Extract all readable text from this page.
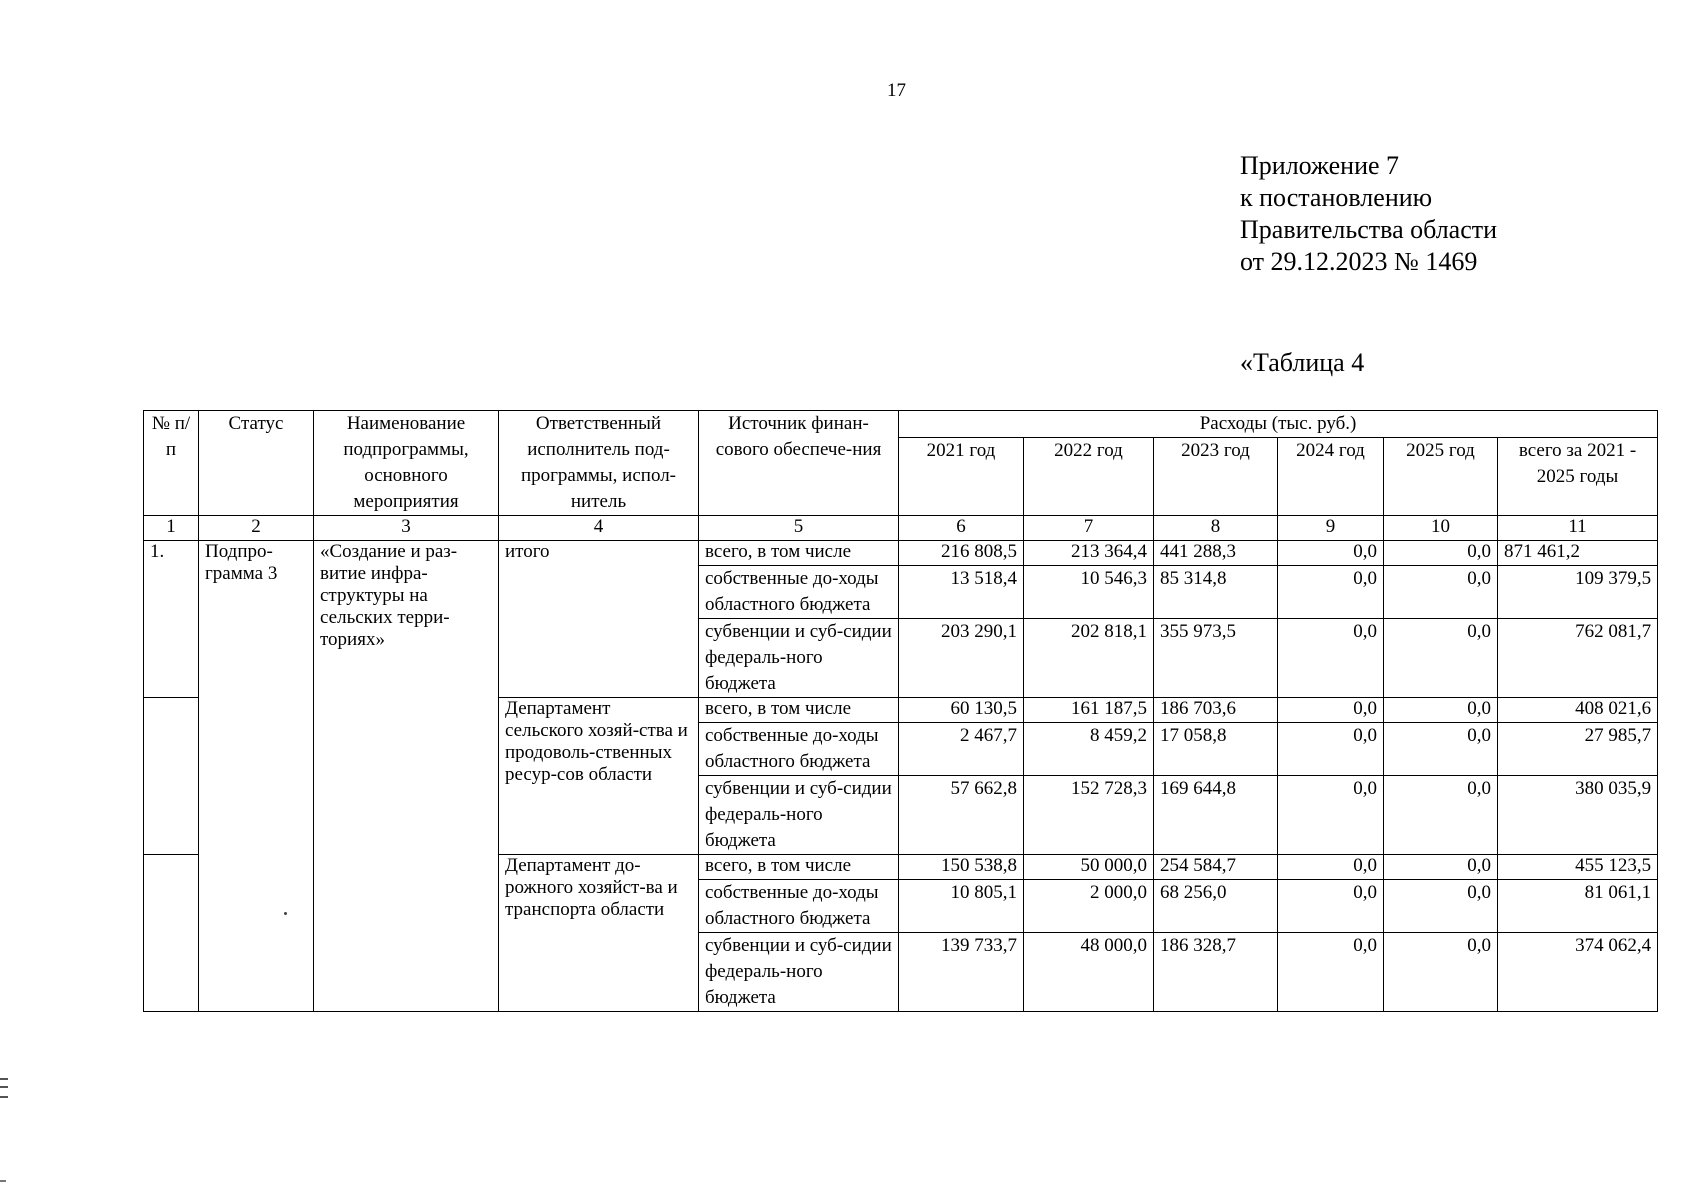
17
Приложение 7
к постановлению
Правительства области
от 29.12.2023 № 1469
«Таблица 4
№ п/п	Статус	Наименование подпрограммы, основного мероприятия	Ответственный исполнитель под-программы, испол-нитель	Источник финан-сового обеспече-ния	Расходы (тыс. руб.)					
					2021 год	2022 год	2023 год	2024 год	2025 год	всего за 2021 - 2025 годы
1	2	3	4	5	6	7	8	9	10	11
1.	Подпро-грамма 3	«Создание и раз-витие инфра-структуры на сельских терри-ториях»	итого	всего, в том числе	216 808,5	213 364,4	441 288,3	0,0	0,0	871 461,2
				собственные до-ходы областного бюджета	13 518,4	10 546,3	85 314,8	0,0	0,0	109 379,5
				субвенции и суб-сидии федераль-ного бюджета	203 290,1	202 818,1	355 973,5	0,0	0,0	762 081,7
			Департамент сельского хозяй-ства и продоволь-ственных ресур-сов области	всего, в том числе	60 130,5	161 187,5	186 703,6	0,0	0,0	408 021,6
				собственные до-ходы областного бюджета	2 467,7	8 459,2	17 058,8	0,0	0,0	27 985,7
				субвенции и суб-сидии федераль-ного бюджета	57 662,8	152 728,3	169 644,8	0,0	0,0	380 035,9
			Департамент до-рожного хозяйст-ва и транспорта области	всего, в том числе	150 538,8	50 000,0	254 584,7	0,0	0,0	455 123,5
				собственные до-ходы областного бюджета	10 805,1	2 000,0	68 256,0	0,0	0,0	81 061,1
				субвенции и суб-сидии федераль-ного бюджета	139 733,7	48 000,0	186 328,7	0,0	0,0	374 062,4
